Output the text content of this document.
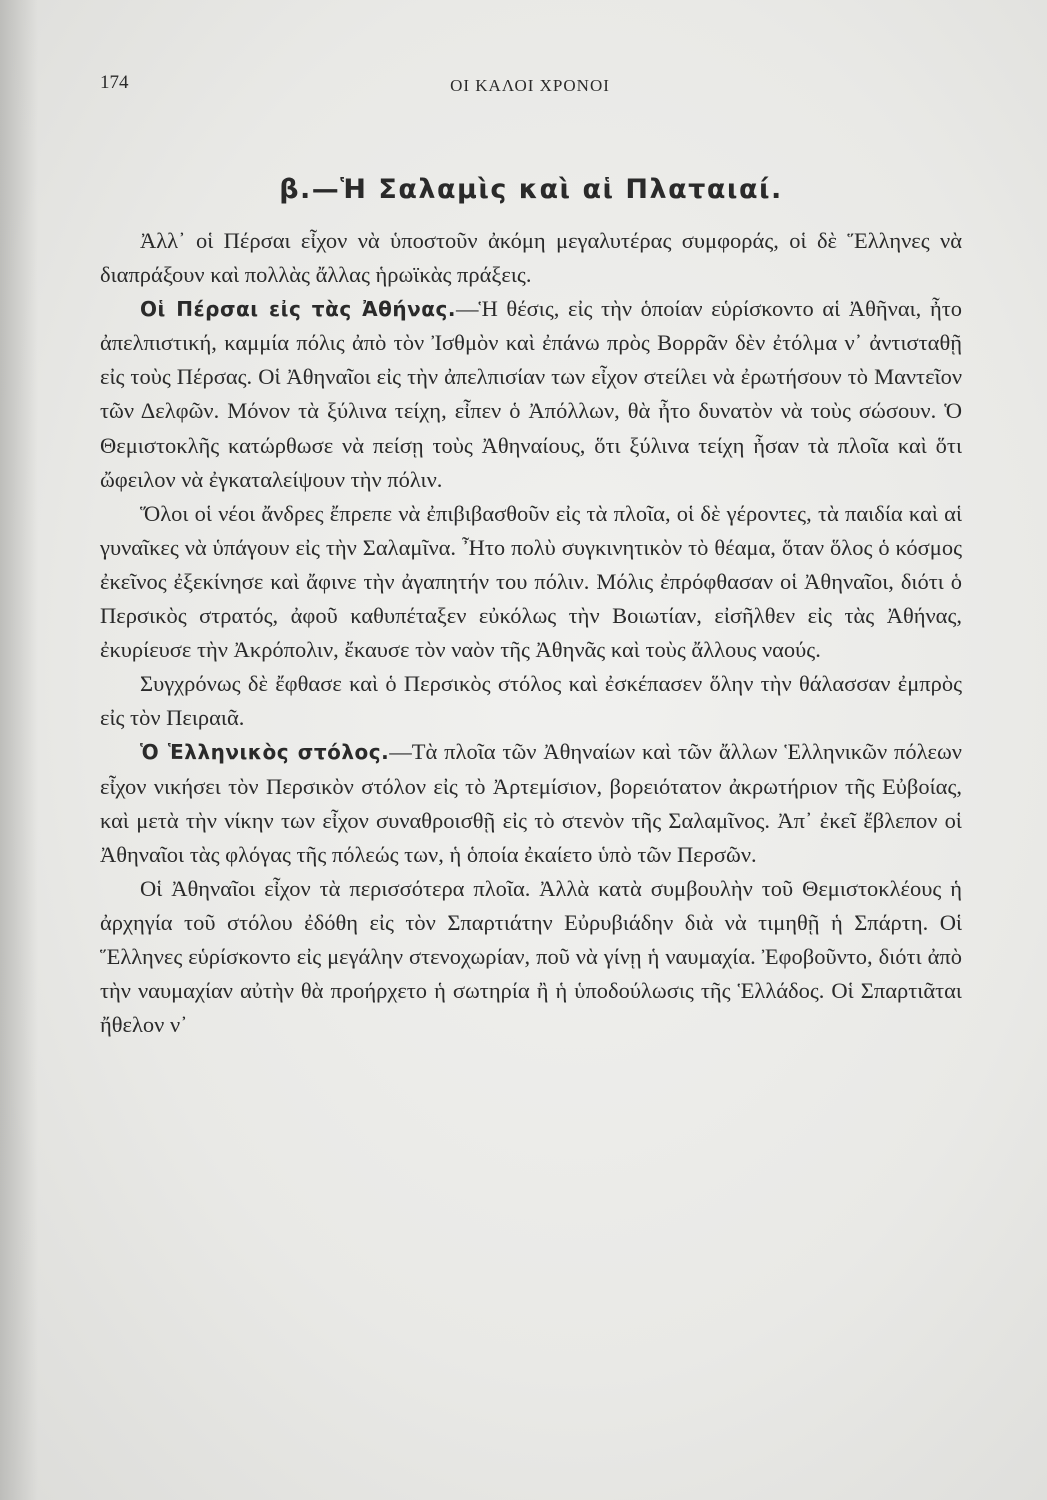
174	ΟΙ ΚΑΛΟΙ ΧΡΟΝΟΙ
β.—Ἡ Σαλαμὶς καὶ αἱ Πλαταιαί.

Ἀλλ᾽ οἱ Πέρσαι εἶχον νὰ ὑποστοῦν ἀκόμη μεγαλυτέρας συμφοράς, οἱ δὲ Ἕλληνες νὰ διαπράξουν καὶ πολλὰς ἄλλας ἡρωϊκὰς πράξεις.

Οἱ Πέρσαι εἰς τὰς Ἀθήνας.—Ἡ θέσις, εἰς τὴν ὁποίαν εὑρίσκοντο αἱ Ἀθῆναι, ἦτο ἀπελπιστική, καμμία πόλις ἀπὸ τὸν Ἰσθμὸν καὶ ἐπάνω πρὸς Βορρᾶν δὲν ἐτόλμα ν᾽ ἀντισταθῇ εἰς τοὺς Πέρσας. Οἱ Ἀθηναῖοι εἰς τὴν ἀπελπισίαν των εἶχον στείλει νὰ ἐρωτήσουν τὸ Μαντεῖον τῶν Δελφῶν. Μόνον τὰ ξύλινα τείχη, εἶπεν ὁ Ἀπόλλων, θὰ ἦτο δυνατὸν νὰ τοὺς σώσουν. Ὁ Θεμιστοκλῆς κατώρθωσε νὰ πείσῃ τοὺς Ἀθηναίους, ὅτι ξύλινα τείχη ἦσαν τὰ πλοῖα καὶ ὅτι ὤφειλον νὰ ἐγκαταλείψουν τὴν πόλιν.

Ὅλοι οἱ νέοι ἄνδρες ἔπρεπε νὰ ἐπιβιβασθοῦν εἰς τὰ πλοῖα, οἱ δὲ γέροντες, τὰ παιδία καὶ αἱ γυναῖκες νὰ ὑπάγουν εἰς τὴν Σαλαμῖνα. Ἦτο πολὺ συγκινητικὸν τὸ θέαμα, ὅταν ὅλος ὁ κόσμος ἐκεῖνος ἐξεκίνησε καὶ ἄφινε τὴν ἀγαπητήν του πόλιν. Μόλις ἐπρόφθασαν οἱ Ἀθηναῖοι, διότι ὁ Περσικὸς στρατός, ἀφοῦ καθυπέταξεν εὐκόλως τὴν Βοιωτίαν, εἰσῆλθεν εἰς τὰς Ἀθήνας, ἐκυρίευσε τὴν Ἀκρόπολιν, ἔκαυσε τὸν ναὸν τῆς Ἀθηνᾶς καὶ τοὺς ἄλλους ναούς.

Συγχρόνως δὲ ἔφθασε καὶ ὁ Περσικὸς στόλος καὶ ἐσκέπασεν ὅλην τὴν θάλασσαν ἐμπρὸς εἰς τὸν Πειραιᾶ.

Ὁ Ἑλληνικὸς στόλος.—Τὰ πλοῖα τῶν Ἀθηναίων καὶ τῶν ἄλλων Ἑλληνικῶν πόλεων εἶχον νικήσει τὸν Περσικὸν στόλον εἰς τὸ Ἀρτεμίσιον, βορειότατον ἀκρωτήριον τῆς Εὐβοίας, καὶ μετὰ τὴν νίκην των εἶχον συναθροισθῇ εἰς τὸ στενὸν τῆς Σαλαμῖνος. Ἀπ᾽ ἐκεῖ ἔβλεπον οἱ Ἀθηναῖοι τὰς φλόγας τῆς πόλεώς των, ἡ ὁποία ἐκαίετο ὑπὸ τῶν Περσῶν.

Οἱ Ἀθηναῖοι εἶχον τὰ περισσότερα πλοῖα. Ἀλλὰ κατὰ συμβουλὴν τοῦ Θεμιστοκλέους ἡ ἀρχηγία τοῦ στόλου ἐδόθη εἰς τὸν Σπαρτιάτην Εὐρυβιάδην διὰ νὰ τιμηθῇ ἡ Σπάρτη. Οἱ Ἕλληνες εὑρίσκοντο εἰς μεγάλην στενοχωρίαν, ποῦ νὰ γίνῃ ἡ ναυμαχία. Ἐφοβοῦντο, διότι ἀπὸ τὴν ναυμαχίαν αὐτὴν θὰ προήρχετο ἡ σωτηρία ἢ ἡ ὑποδούλωσις τῆς Ἑλλάδος. Οἱ Σπαρτιᾶται ἤθελον ν᾽
